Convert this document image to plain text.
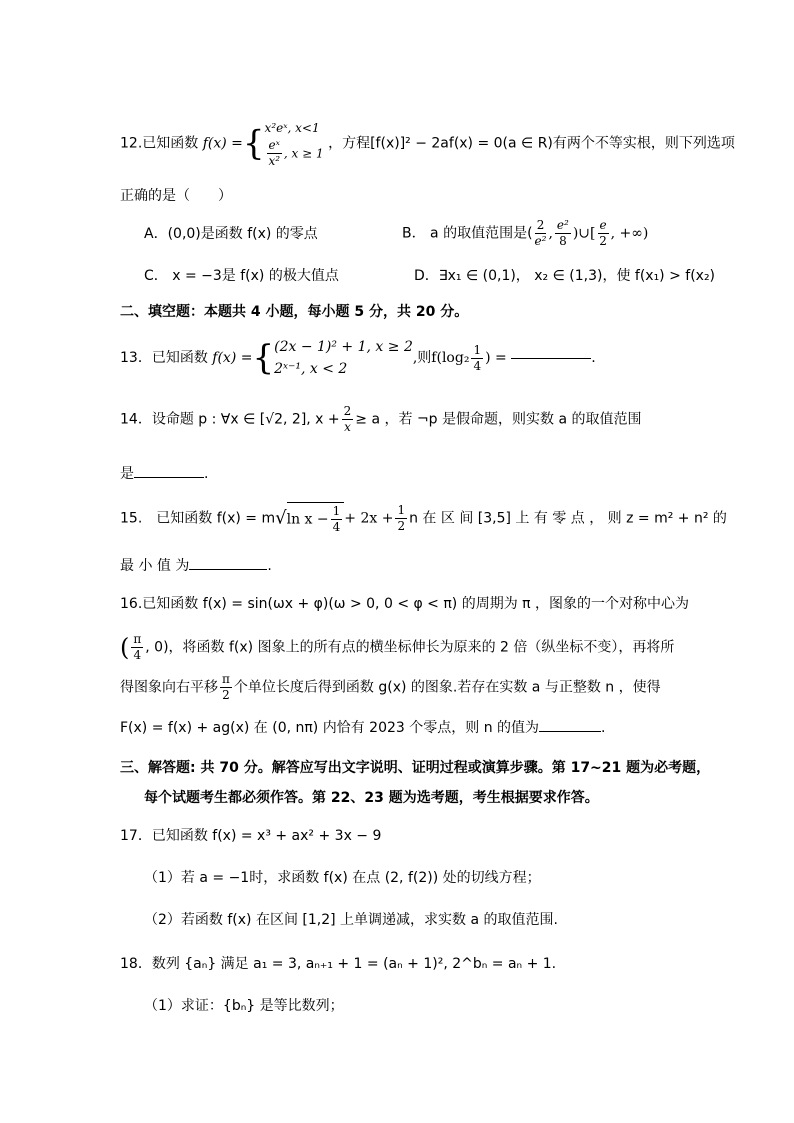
12.已知函数 f(x) ={ x²eˣ, x<1
$\frac{\text{eˣ}}{\text{x²}}$ , x ≥ 1
，方程[f(x)]² − 2af(x) = 0(a ∈ R)有两个不等实根，则下列选项
正确的是（　　）
A．(0,0)是函数 f(x) 的零点	B． a 的取值范围是( $\frac{2}{\text{e²}}$ , $\frac{\text{e²}}{8}$ )∪[ $\frac{e}{2}$ , +∞)
C． x = −3是 f(x) 的极大值点	D．∃x₁ ∈ (0,1)， x₂ ∈ (1,3)，使 f(x₁) > f(x₂)
二、填空题：本题共 4 小题，每小题 5 分，共 20 分。
13．已知函数 f(x) ={ (2x − 1)² + 1, x ≥ 2
2ˣ⁻¹, x < 2
,则$f(\log_2 \frac{1}{4}$ ) =	.
14．设命题 p : ∀x ∈ [√2, 2], $x + \frac{2}{x} \ge a$ ，若 ¬p 是假命题，则实数 a 的取值范围
是	.
15.　已知函数 f(x) = m√ln $x - \frac{1}{4} + 2x + \frac{1}{2}$ n 在 区 间 [3,5] 上 有 零 点 ， 则 z = m² + n² 的
最 小 值 为	.
16.已知函数 f(x) = sin(ωx + φ)(ω > 0, 0 < φ < π) 的周期为 π ，图象的一个对称中心为
( $\frac{\pi}{4}$ , 0)，将函数 f(x) 图象上的所有点的横坐标伸长为原来的 2 倍（纵坐标不变），再将所
得图象向右平移 $\frac{\pi}{2}$ 个单位长度后得到函数 g(x) 的图象.若存在实数 a 与正整数 n ，使得
F(x) = f(x) + ag(x) 在 (0, nπ) 内恰有 2023 个零点，则 n 的值为	.
三、解答题: 共 70 分。解答应写出文字说明、证明过程或演算步骤。第 17~21 题为必考题，
每个试题考生都必须作答。第 22、23 题为选考题，考生根据要求作答。
17．已知函数 f(x) = x³ + ax² + 3x − 9
（1）若 a = −1时，求函数 f(x) 在点 (2, f(2)) 处的切线方程；
（2）若函数 f(x) 在区间 [1,2] 上单调递减，求实数 a 的取值范围.
18．数列 {aₙ} 满足 a₁ = 3, aₙ₊₁ + 1 = (aₙ + 1)², 2^bₙ = aₙ + 1.
（1）求证：{bₙ} 是等比数列；
